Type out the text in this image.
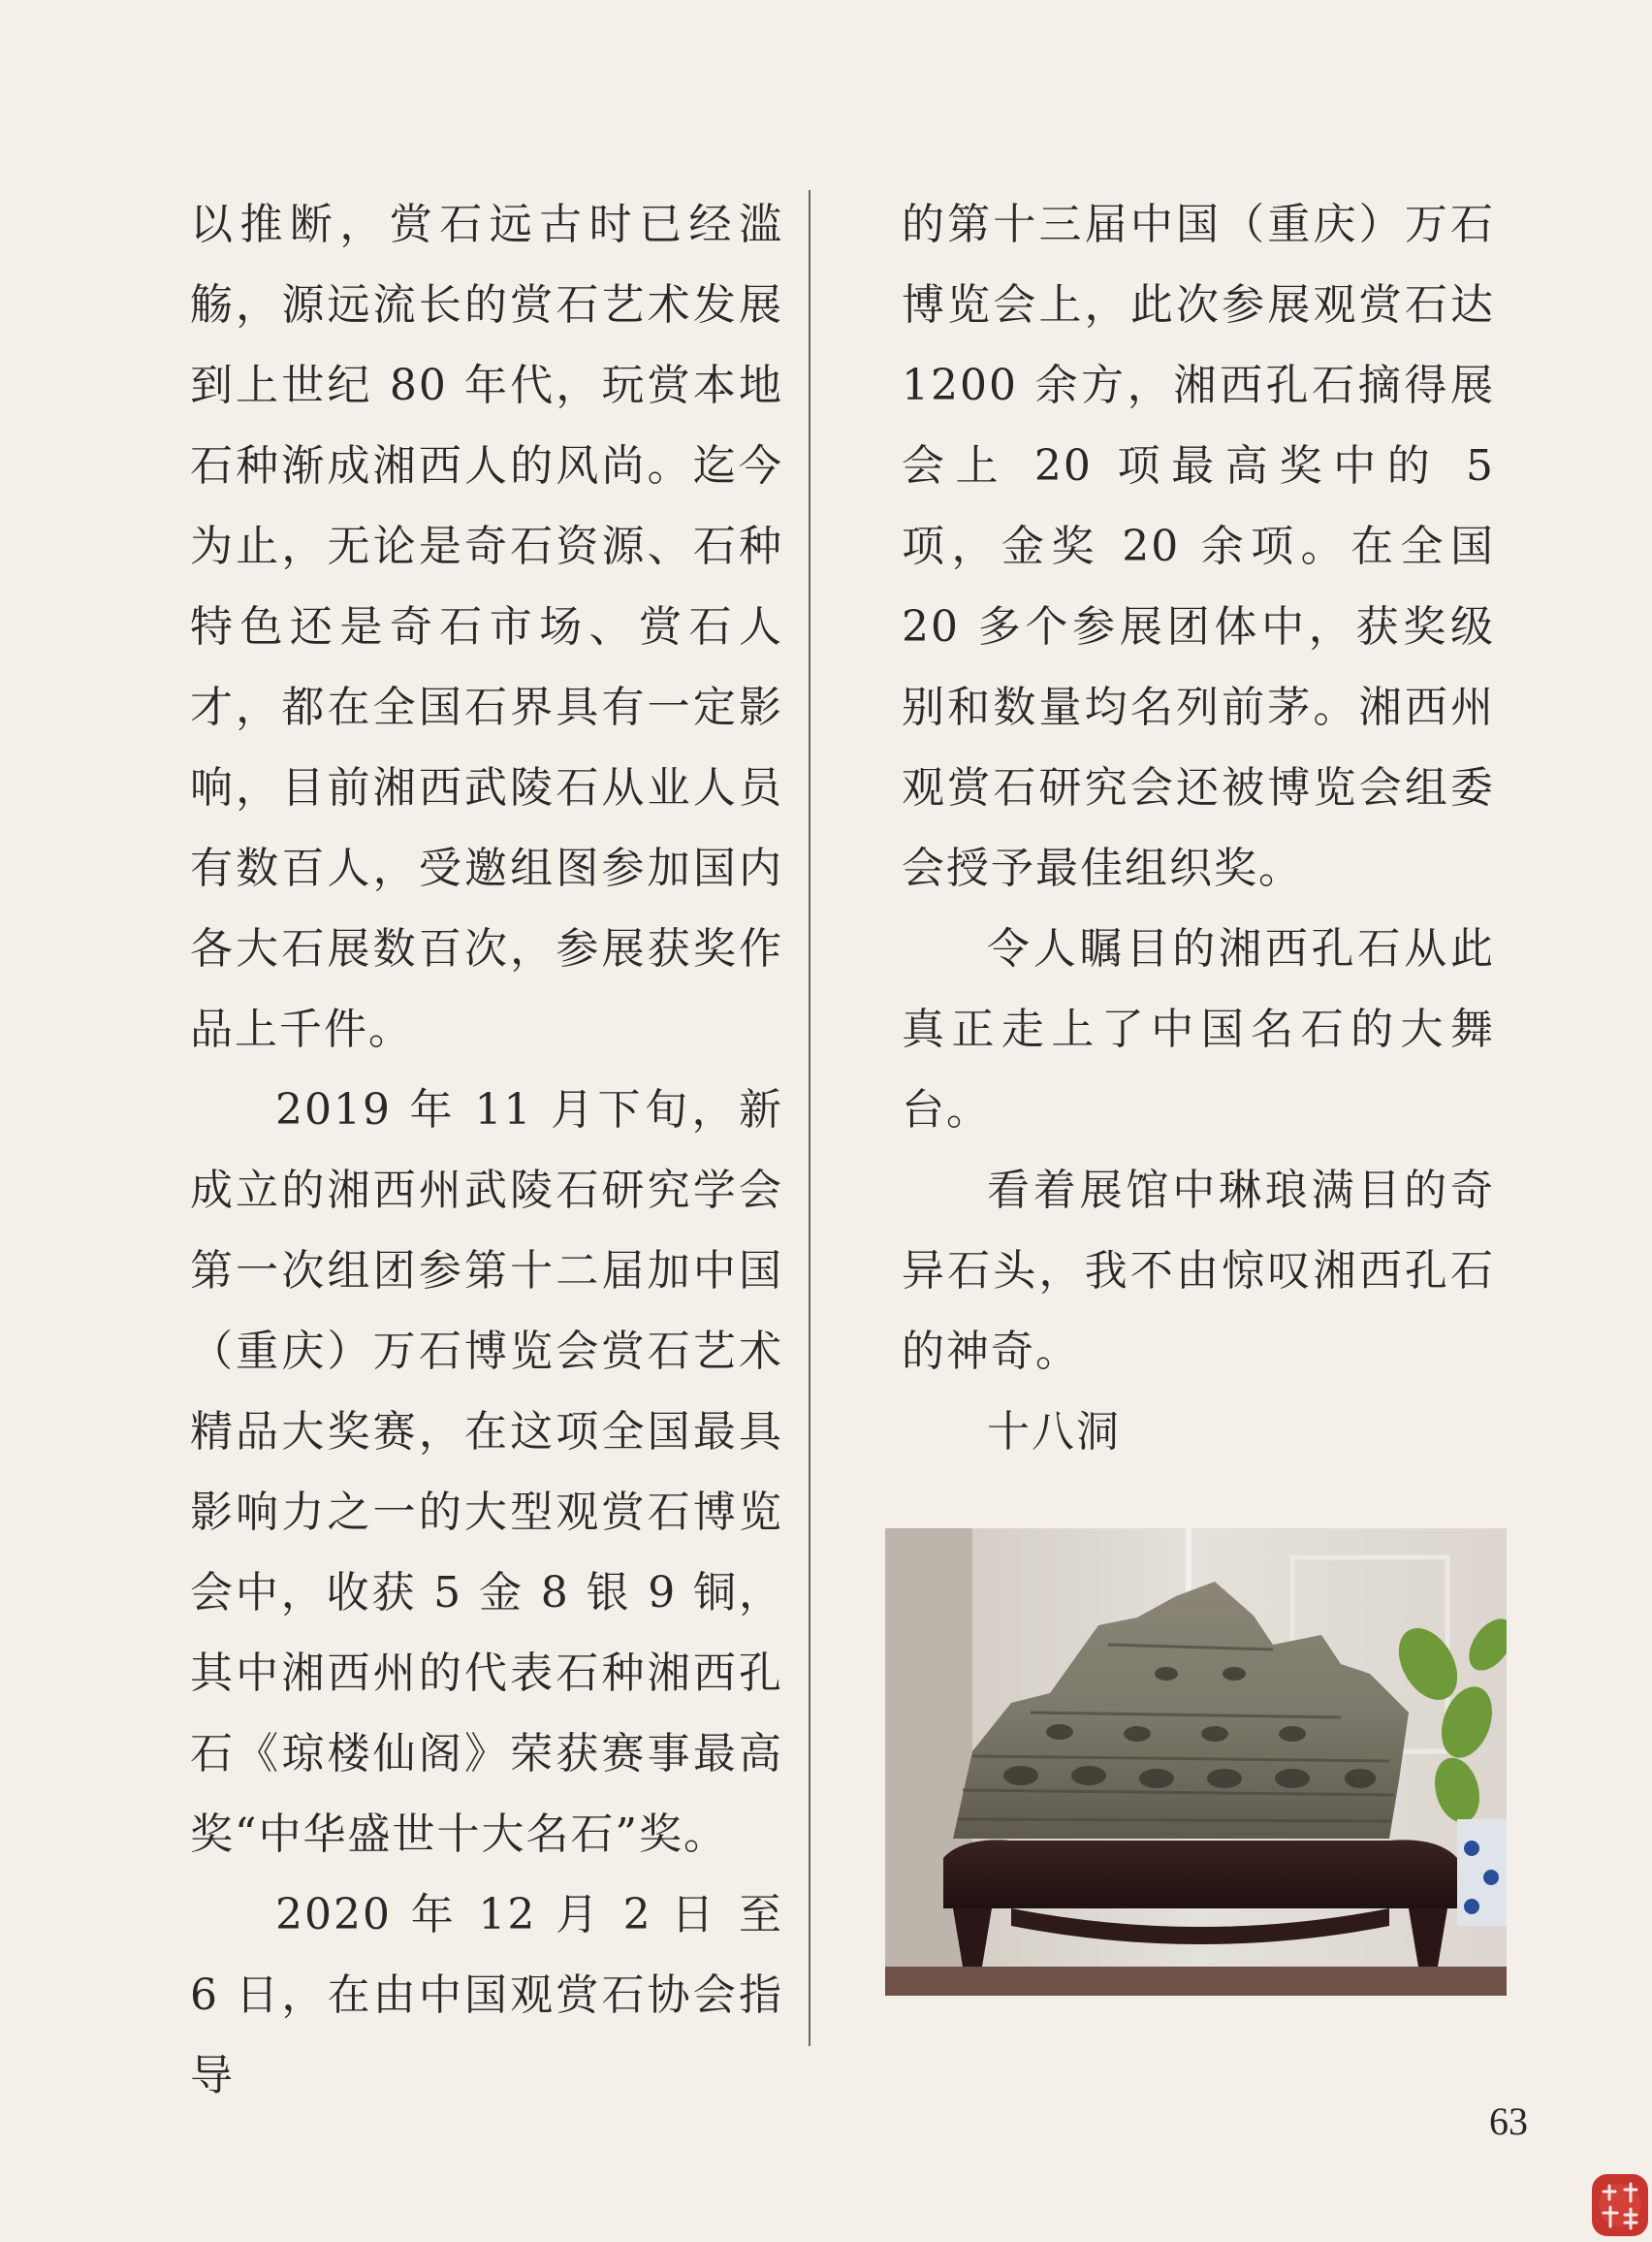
以推断，赏石远古时已经滥觞，源远流长的赏石艺术发展到上世纪 80 年代，玩赏本地石种渐成湘西人的风尚。迄今为止，无论是奇石资源、石种特色还是奇石市场、赏石人才，都在全国石界具有一定影响，目前湘西武陵石从业人员有数百人，受邀组图参加国内各大石展数百次，参展获奖作品上千件。

2019 年 11 月下旬，新成立的湘西州武陵石研究学会第一次组团参第十二届加中国（重庆）万石博览会赏石艺术精品大奖赛，在这项全国最具影响力之一的大型观赏石博览会中，收获 5 金 8 银 9 铜，其中湘西州的代表石种湘西孔石《琼楼仙阁》荣获赛事最高奖“中华盛世十大名石”奖。

2020 年 12 月 2 日 至 6 日，在由中国观赏石协会指导

的第十三届中国（重庆）万石博览会上，此次参展观赏石达 1200 余方，湘西孔石摘得展会上 20 项最高奖中的 5 项，金奖 20 余项。在全国 20 多个参展团体中，获奖级别和数量均名列前茅。湘西州观赏石研究会还被博览会组委会授予最佳组织奖。

令人瞩目的湘西孔石从此真正走上了中国名石的大舞台。

看着展馆中琳琅满目的奇异石头，我不由惊叹湘西孔石的神奇。

十八洞

63
